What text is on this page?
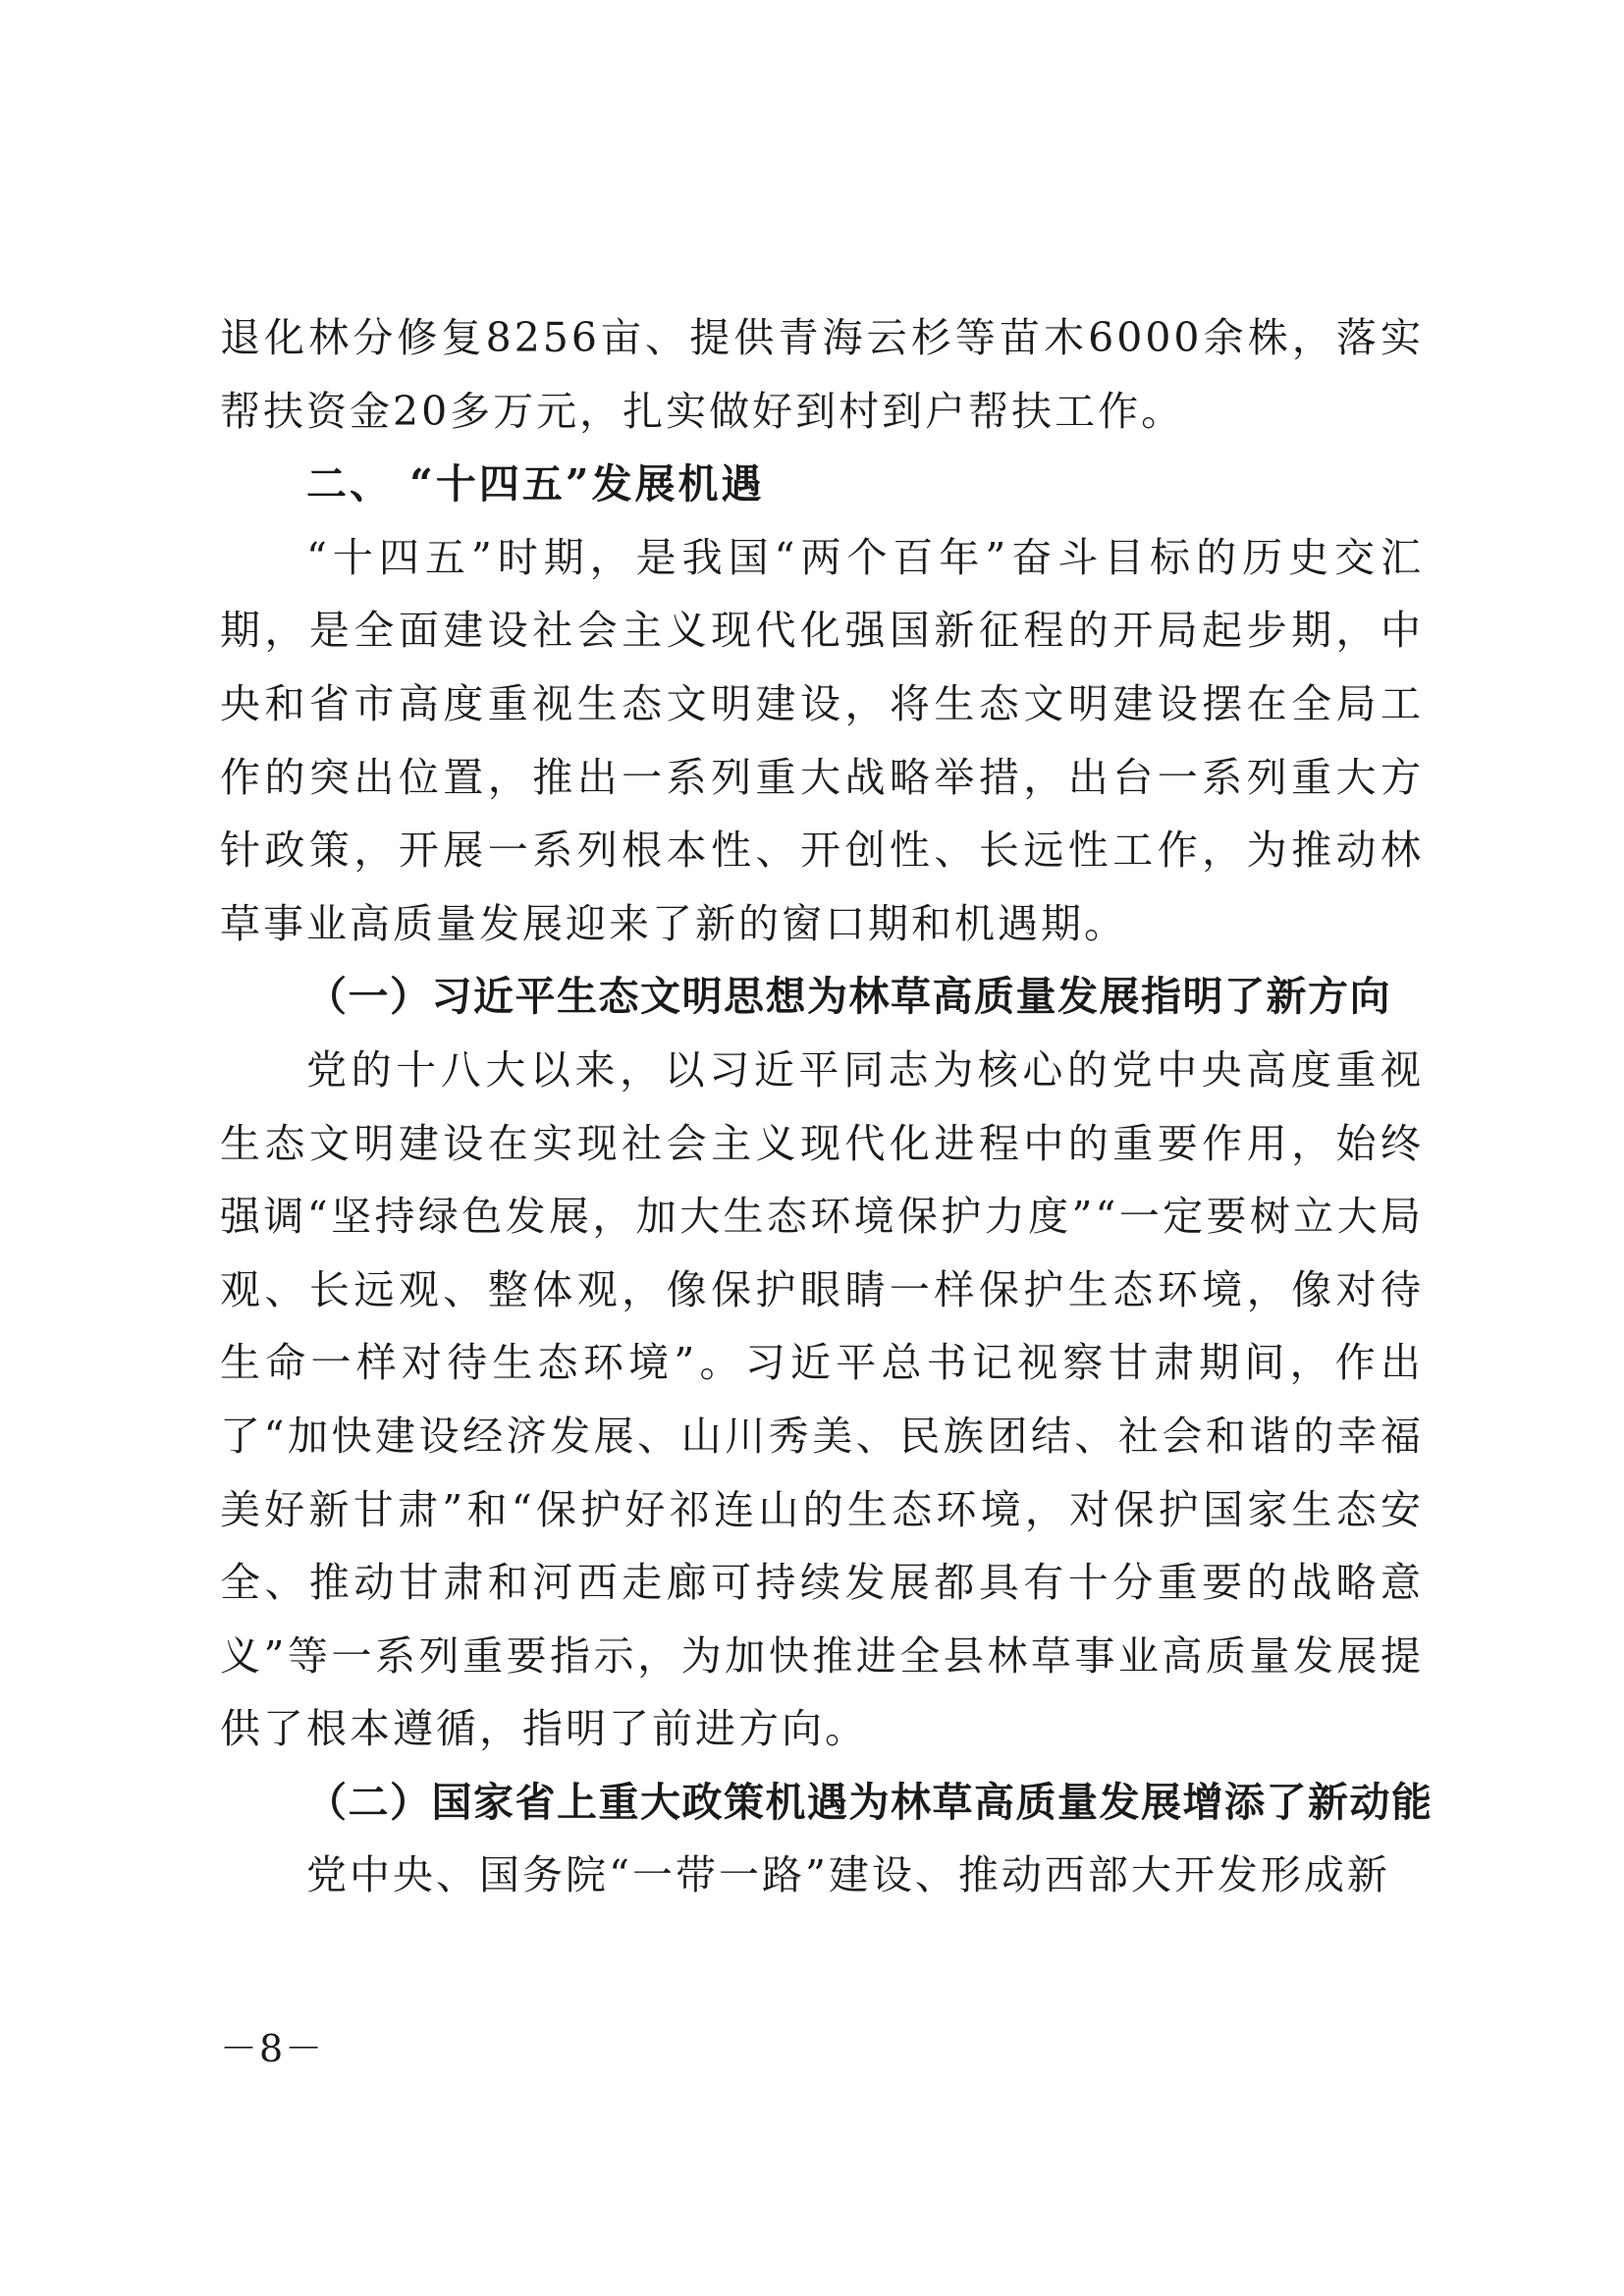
退化林分修复8256亩、提供青海云杉等苗木6000余株，落实帮扶资金20多万元，扎实做好到村到户帮扶工作。

二、 “十四五”发展机遇

“十四五”时期，是我国“两个百年”奋斗目标的历史交汇期，是全面建设社会主义现代化强国新征程的开局起步期，中央和省市高度重视生态文明建设，将生态文明建设摆在全局工作的突出位置，推出一系列重大战略举措，出台一系列重大方针政策，开展一系列根本性、开创性、长远性工作，为推动林草事业高质量发展迎来了新的窗口期和机遇期。

（一）习近平生态文明思想为林草高质量发展指明了新方向

党的十八大以来，以习近平同志为核心的党中央高度重视生态文明建设在实现社会主义现代化进程中的重要作用，始终强调“坚持绿色发展，加大生态环境保护力度”“一定要树立大局观、长远观、整体观，像保护眼睛一样保护生态环境，像对待生命一样对待生态环境”。习近平总书记视察甘肃期间，作出了“加快建设经济发展、山川秀美、民族团结、社会和谐的幸福美好新甘肃”和“保护好祁连山的生态环境，对保护国家生态安全、推动甘肃和河西走廊可持续发展都具有十分重要的战略意义”等一系列重要指示，为加快推进全县林草事业高质量发展提供了根本遵循，指明了前进方向。

（二）国家省上重大政策机遇为林草高质量发展增添了新动能

党中央、国务院“一带一路”建设、推动西部大开发形成新

－8－
